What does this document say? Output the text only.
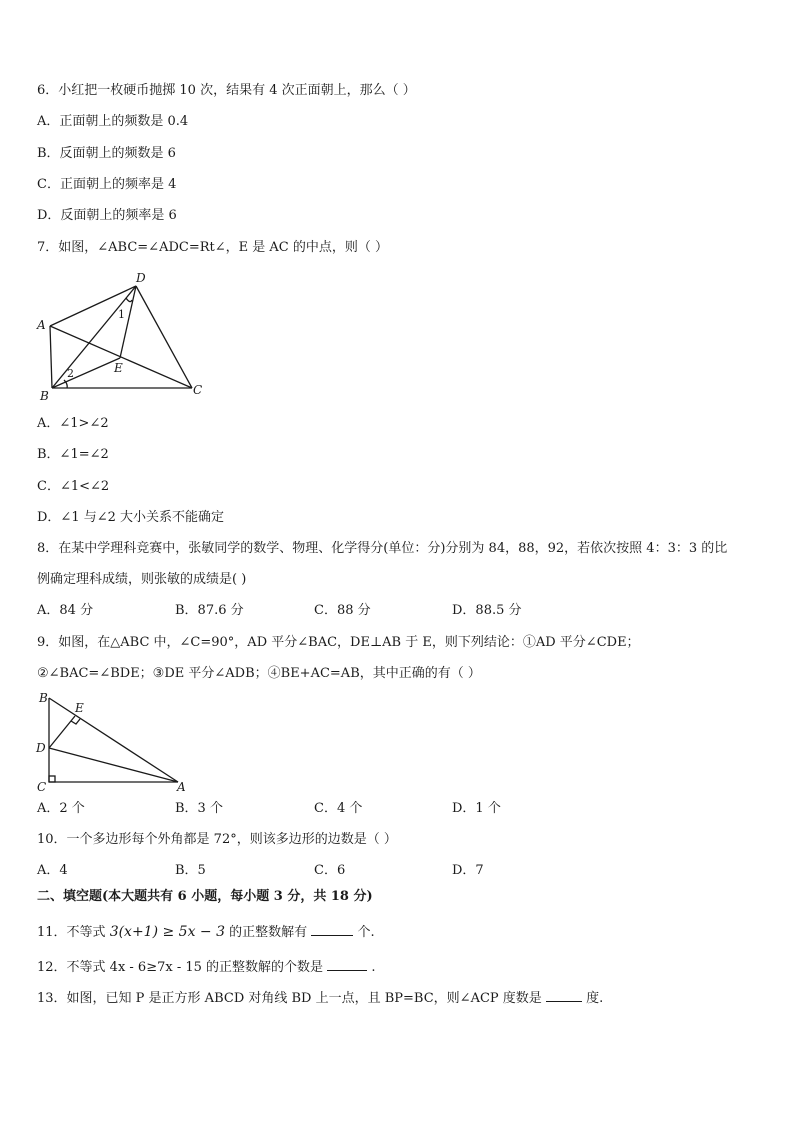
6．小红把一枚硬币抛掷 10 次，结果有 4 次正面朝上，那么（ ）
A．正面朝上的频数是 0.4
B．反面朝上的频数是 6
C．正面朝上的频率是 4
D．反面朝上的频率是 6
7．如图，∠ABC=∠ADC=Rt∠，E 是 AC 的中点，则（ ）
D
A
B	C
E
1
2
A．∠1>∠2
B．∠1=∠2
C．∠1<∠2
D．∠1 与∠2 大小关系不能确定
8．在某中学理科竞赛中，张敏同学的数学、物理、化学得分(单位：分)分别为 84，88，92，若依次按照 4：3：3 的比
例确定理科成绩，则张敏的成绩是( )
A．84 分	B．87.6 分	C．88 分	D．88.5 分
9．如图，在△ABC 中，∠C=90°，AD 平分∠BAC，DE⊥AB 于 E，则下列结论：①AD 平分∠CDE；
②∠BAC=∠BDE；③DE 平分∠ADB；④BE+AC=AB，其中正确的有（ ）
B
E
D
C	A
A．2 个	B．3 个	C．4 个	D．1 个
10．一个多边形每个外角都是 72°，则该多边形的边数是（ ）
A．4	B．5	C．6	D．7
二、填空题(本大题共有 6 小题，每小题 3 分，共 18 分)
11．不等式 3(x+1) ≥ 5x − 3 的正整数解有	个.
12．不等式 4x - 6≥7x - 15 的正整数解的个数是	.
13．如图，已知 P 是正方形 ABCD 对角线 BD 上一点，且 BP=BC，则∠ACP 度数是	度.
